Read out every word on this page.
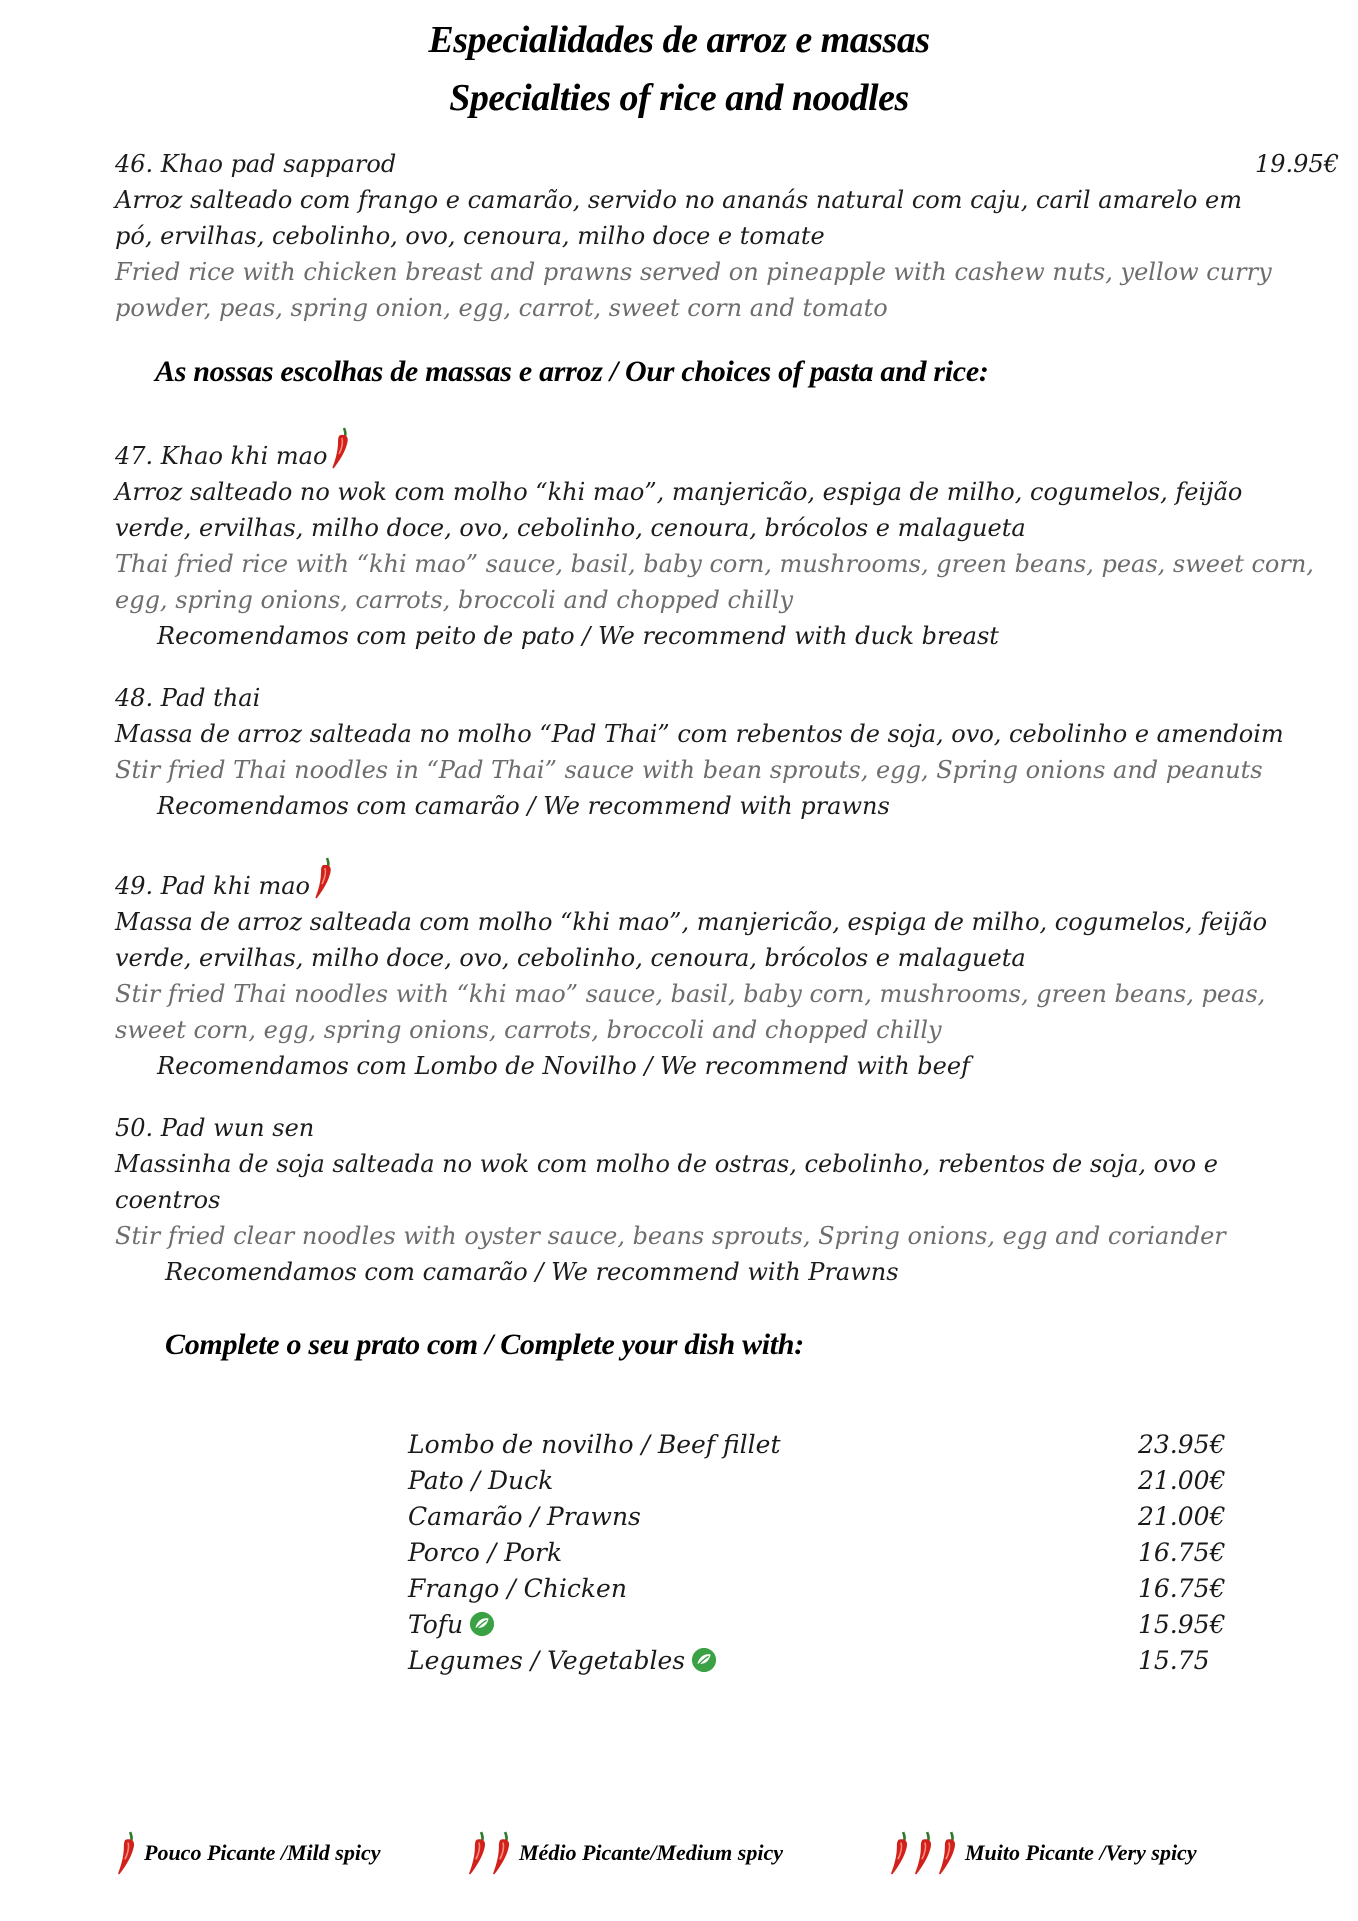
Especialidades de arroz e massas
Specialties of rice and noodles
46. Khao pad sapparod	19.95€
Arroz salteado com frango e camarão, servido no ananás natural com caju, caril amarelo em
pó, ervilhas, cebolinho, ovo, cenoura, milho doce e tomate
Fried rice with chicken breast and prawns served on pineapple with cashew nuts, yellow curry
powder, peas, spring onion, egg, carrot, sweet corn and tomato
As nossas escolhas de massas e arroz / Our choices of pasta and rice:
47. Khao khi mao
Arroz salteado no wok com molho “khi mao”, manjericão, espiga de milho, cogumelos, feijão
verde, ervilhas, milho doce, ovo, cebolinho, cenoura, brócolos e malagueta
Thai fried rice with “khi mao” sauce, basil, baby corn, mushrooms, green beans, peas, sweet corn,
egg, spring onions, carrots, broccoli and chopped chilly
Recomendamos com peito de pato / We recommend with duck breast
48. Pad thai
Massa de arroz salteada no molho “Pad Thai” com rebentos de soja, ovo, cebolinho e amendoim
Stir fried Thai noodles in “Pad Thai” sauce with bean sprouts, egg, Spring onions and peanuts
Recomendamos com camarão / We recommend with prawns
49. Pad khi mao
Massa de arroz salteada com molho “khi mao”, manjericão, espiga de milho, cogumelos, feijão
verde, ervilhas, milho doce, ovo, cebolinho, cenoura, brócolos e malagueta
Stir fried Thai noodles with “khi mao” sauce, basil, baby corn, mushrooms, green beans, peas,
sweet corn, egg, spring onions, carrots, broccoli and chopped chilly
Recomendamos com Lombo de Novilho / We recommend with beef
50. Pad wun sen
Massinha de soja salteada no wok com molho de ostras, cebolinho, rebentos de soja, ovo e
coentros
Stir fried clear noodles with oyster sauce, beans sprouts, Spring onions, egg and coriander
Recomendamos com camarão / We recommend with Prawns
Complete o seu prato com / Complete your dish with:
Lombo de novilho / Beef fillet	23.95€
Pato / Duck	21.00€
Camarão / Prawns	21.00€
Porco / Pork	16.75€
Frango / Chicken	16.75€
Tofu	15.95€
Legumes / Vegetables	15.75
Pouco Picante /Mild spicy	Médio Picante/Medium spicy	Muito Picante /Very spicy
